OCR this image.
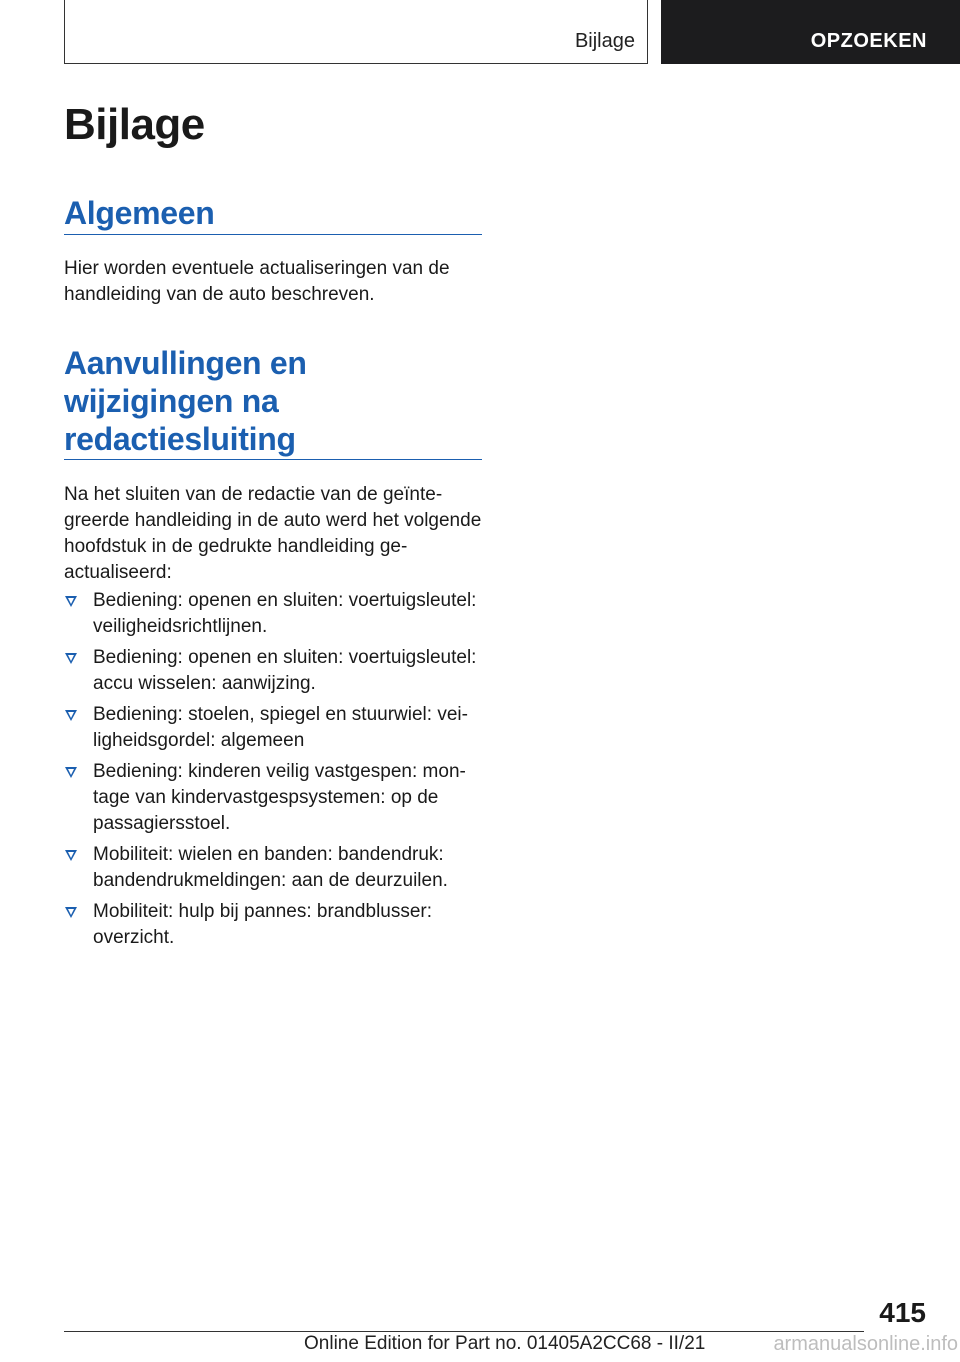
Bijlage	OPZOEKEN
Bijlage
Algemeen

Hier worden eventuele actualiseringen van de handleiding van de auto beschreven.

Aanvullingen en
wijzigingen na
redactiesluiting

Na het sluiten van de redactie van de geïntegreerde handleiding in de auto werd het volgende hoofdstuk in de gedrukte handleiding geactualiseerd:

Bediening: openen en sluiten: voertuigsleutel: veiligheidsrichtlijnen.
Bediening: openen en sluiten: voertuigsleutel: accu wisselen: aanwijzing.
Bediening: stoelen, spiegel en stuurwiel: veiligheidsgordel: algemeen
Bediening: kinderen veilig vastgespen: montage van kindervastgespsystemen: op de passagiersstoel.
Mobiliteit: wielen en banden: bandendruk: bandendrukmeldingen: aan de deurzuilen.
Mobiliteit: hulp bij pannes: brandblusser: overzicht.
415
Online Edition for Part no. 01405A2CC68 - II/21	armanualsonline.info
